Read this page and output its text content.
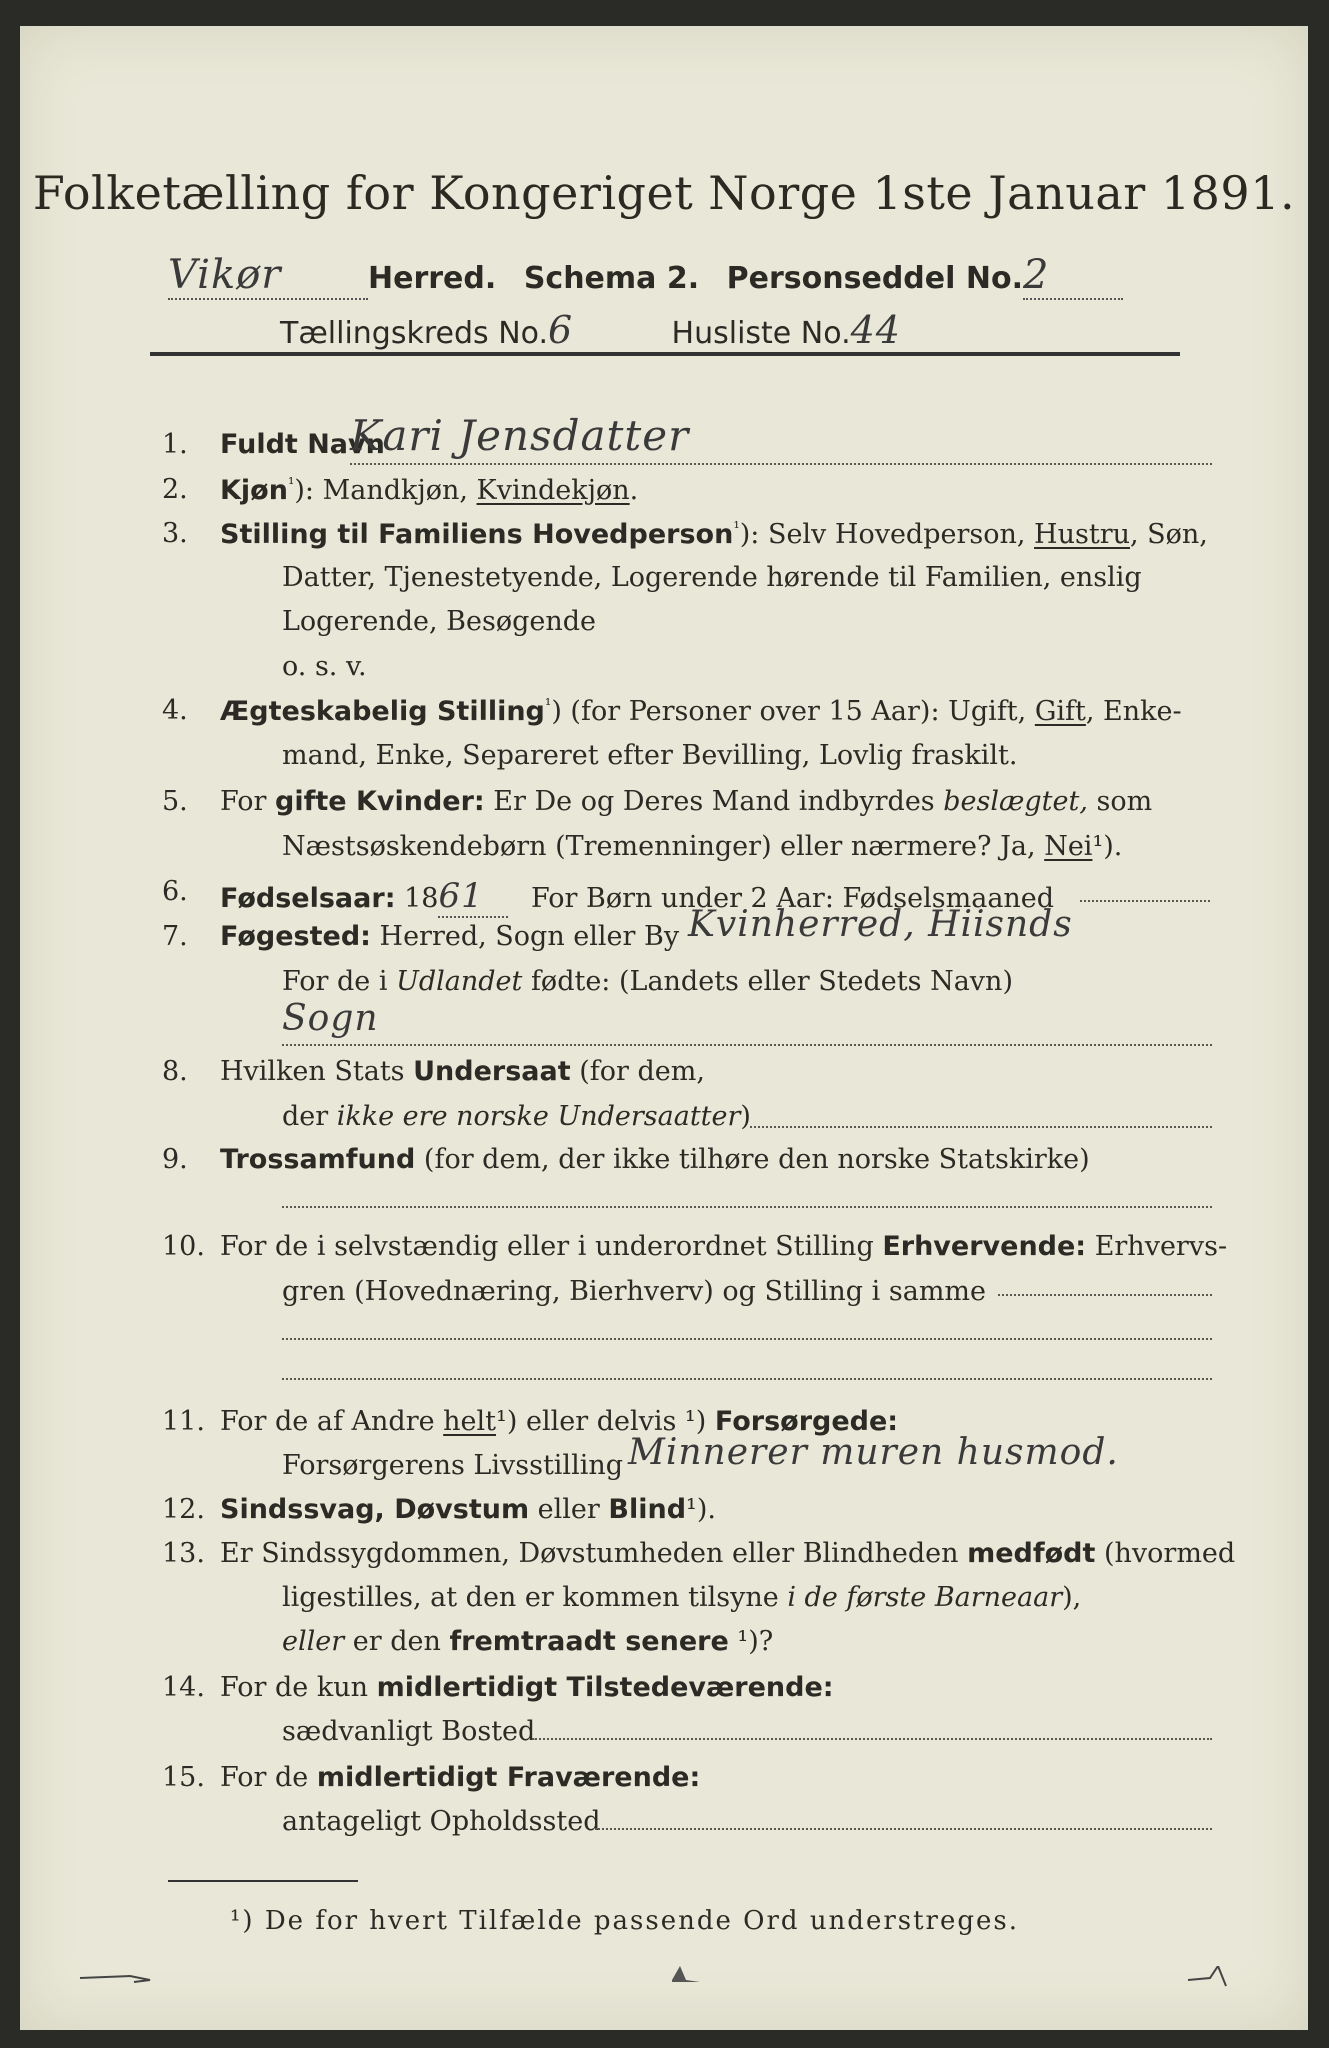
Folketælling for Kongeriget Norge 1ste Januar 1891.
Vikør	Herred. Schema 2. Personseddel No.2
Tællingskreds No.6	Husliste No.44
1. Fuldt Navn
Kari Jensdatter
2. Kjøn$^{^1}$): Mandkjøn, Kvindekjøn.
3. Stilling til Familiens Hovedperson$^{^1}$): Selv Hovedperson, Hustru, Søn,
Datter, Tjenestetyende, Logerende hørende til Familien, enslig
Logerende, Besøgende
o. s. v.
4. Ægteskabelig Stilling$^{^1}$) (for Personer over 15 Aar): Ugift, Gift, Enke-
mand, Enke, Separeret efter Bevilling, Lovlig fraskilt.
5. For gifte Kvinder: Er De og Deres Mand indbyrdes beslægtet, som
Næstsøskendebørn (Tremenninger) eller nærmere? Ja, Nei¹).
6. Fødselsaar: 1861 For Børn under 2 Aar: Fødselsmaaned
7. Føgested: Herred, Sogn eller By Kvinherred, Hiisnds
For de i Udlandet fødte: (Landets eller Stedets Navn)
Sogn
8. Hvilken Stats Undersaat (for dem,
der ikke ere norske Undersaatter)
9. Trossamfund (for dem, der ikke tilhøre den norske Statskirke)
10. For de i selvstændig eller i underordnet Stilling Erhvervende: Erhvervs-
gren (Hovednæring, Bierhverv) og Stilling i samme
11. For de af Andre helt¹) eller delvis ¹) Forsørgede:
Forsørgerens Livsstilling Minnerer muren husmod.
12. Sindssvag, Døvstum eller Blind¹).
13. Er Sindssygdommen, Døvstumheden eller Blindheden medfødt (hvormed
ligestilles, at den er kommen tilsyne i de første Barneaar),
eller er den fremtraadt senere ¹)?
14. For de kun midlertidigt Tilstedeværende:
sædvanligt Bosted
15. For de midlertidigt Fraværende:
antageligt Opholdssted
¹) De for hvert Tilfælde passende Ord understreges.
